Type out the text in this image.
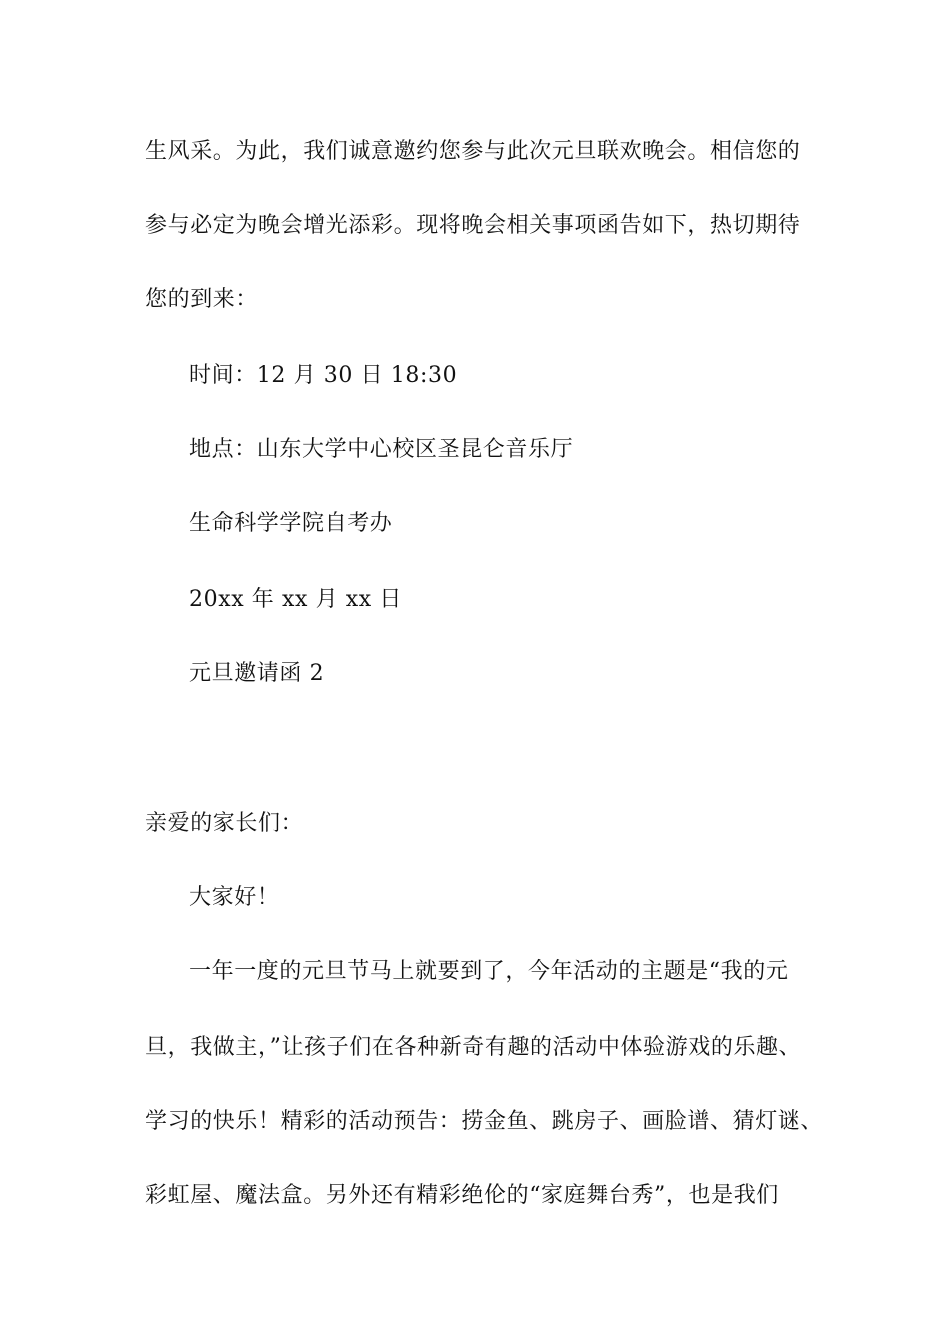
生风采。为此，我们诚意邀约您参与此次元旦联欢晚会。相信您的

参与必定为晚会增光添彩。现将晚会相关事项函告如下，热切期待

您的到来：

时间：12 月 30 日 18:30

地点：山东大学中心校区圣昆仑音乐厅

生命科学学院自考办

20xx 年 xx 月 xx 日

元旦邀请函 2

亲爱的家长们：

大家好！

一年一度的元旦节马上就要到了，今年活动的主题是“我的元

旦，我做主，”让孩子们在各种新奇有趣的活动中体验游戏的乐趣、

学习的快乐！精彩的活动预告：捞金鱼、跳房子、画脸谱、猜灯谜、

彩虹屋、魔法盒。另外还有精彩绝伦的“家庭舞台秀”，也是我们
